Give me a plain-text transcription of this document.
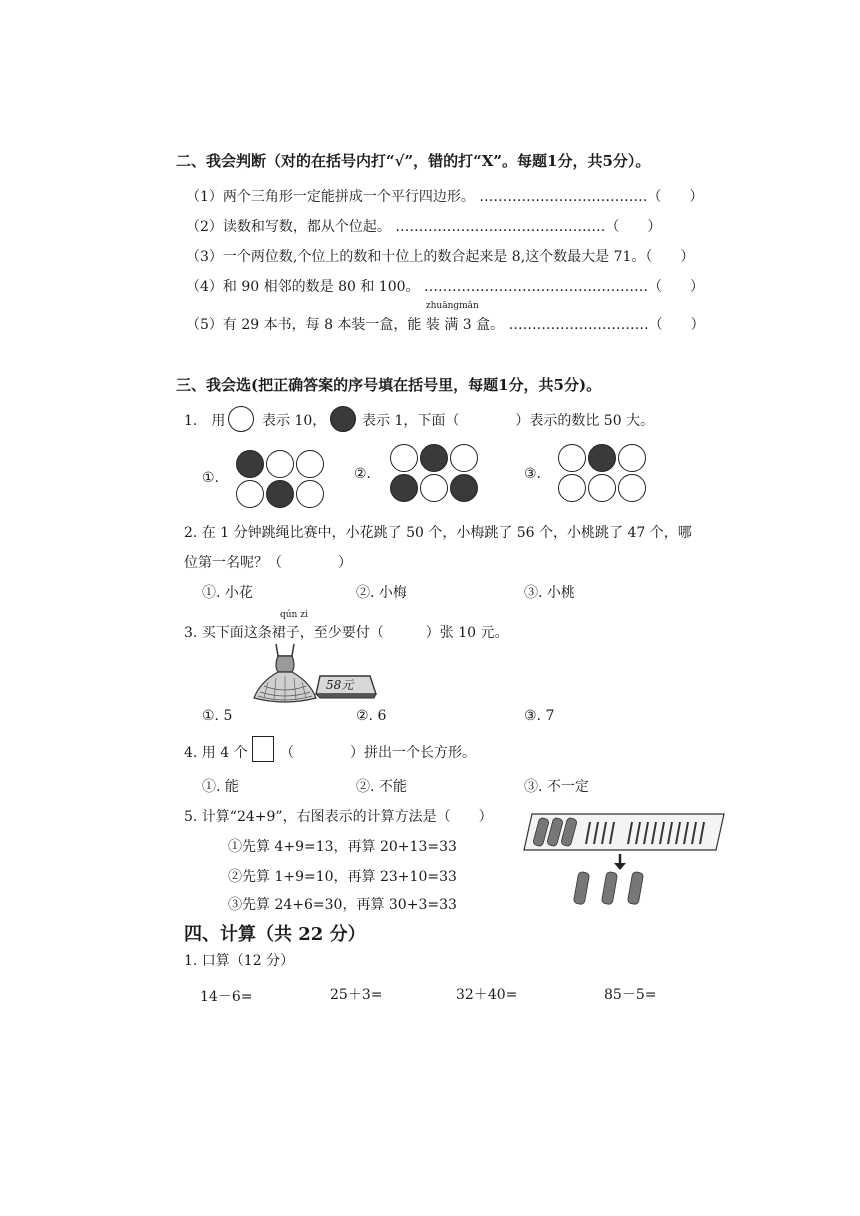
二、我会判断（对的在括号内打“√”，错的打“X”。每题1分，共5分）。
（1）两个三角形一定能拼成一个平行四边形。 ………………………………（　　）
（2）读数和写数，都从个位起。 ………………………………………（　　）
（3）一个两位数,个位上的数和十位上的数合起来是 8,这个数最大是 71。（　　）
（4）和 90 相邻的数是 80 和 100。 …………………………………………（　　）
（5）有 29 本书，每 8 本装一盒，能
zhuāngmǎn
装 满 3 盒。 …………………………（　　）
三、我会选(把正确答案的序号填在括号里，每题1分，共5分)。
1.　用	表示 10，	表示 1，下面（　　　　）表示的数比 50 大。
①.	②.	③.
2. 在 1 分钟跳绳比赛中，小花跳了 50 个，小梅跳了 56 个，小桃跳了 47 个，哪
位第一名呢？（　　　　）
①. 小花	②. 小梅	③. 小桃
qún zi
3. 买下面这条裙子，至少要付（　　　）张 10 元。
58元
①. 5	②. 6	③. 7
4. 用 4 个 （　　　　）拼出一个长方形。
①. 能	②. 不能	③. 不一定
5. 计算“24+9”，右图表示的计算方法是（　　）
①先算 4+9=13，再算 20+13=33
②先算 1+9=10，再算 23+10=33
③先算 24+6=30，再算 30+3=33
四、计算（共 22 分）
1. 口算（12 分）
14－6=	25＋3=	32＋40=	85－5=
